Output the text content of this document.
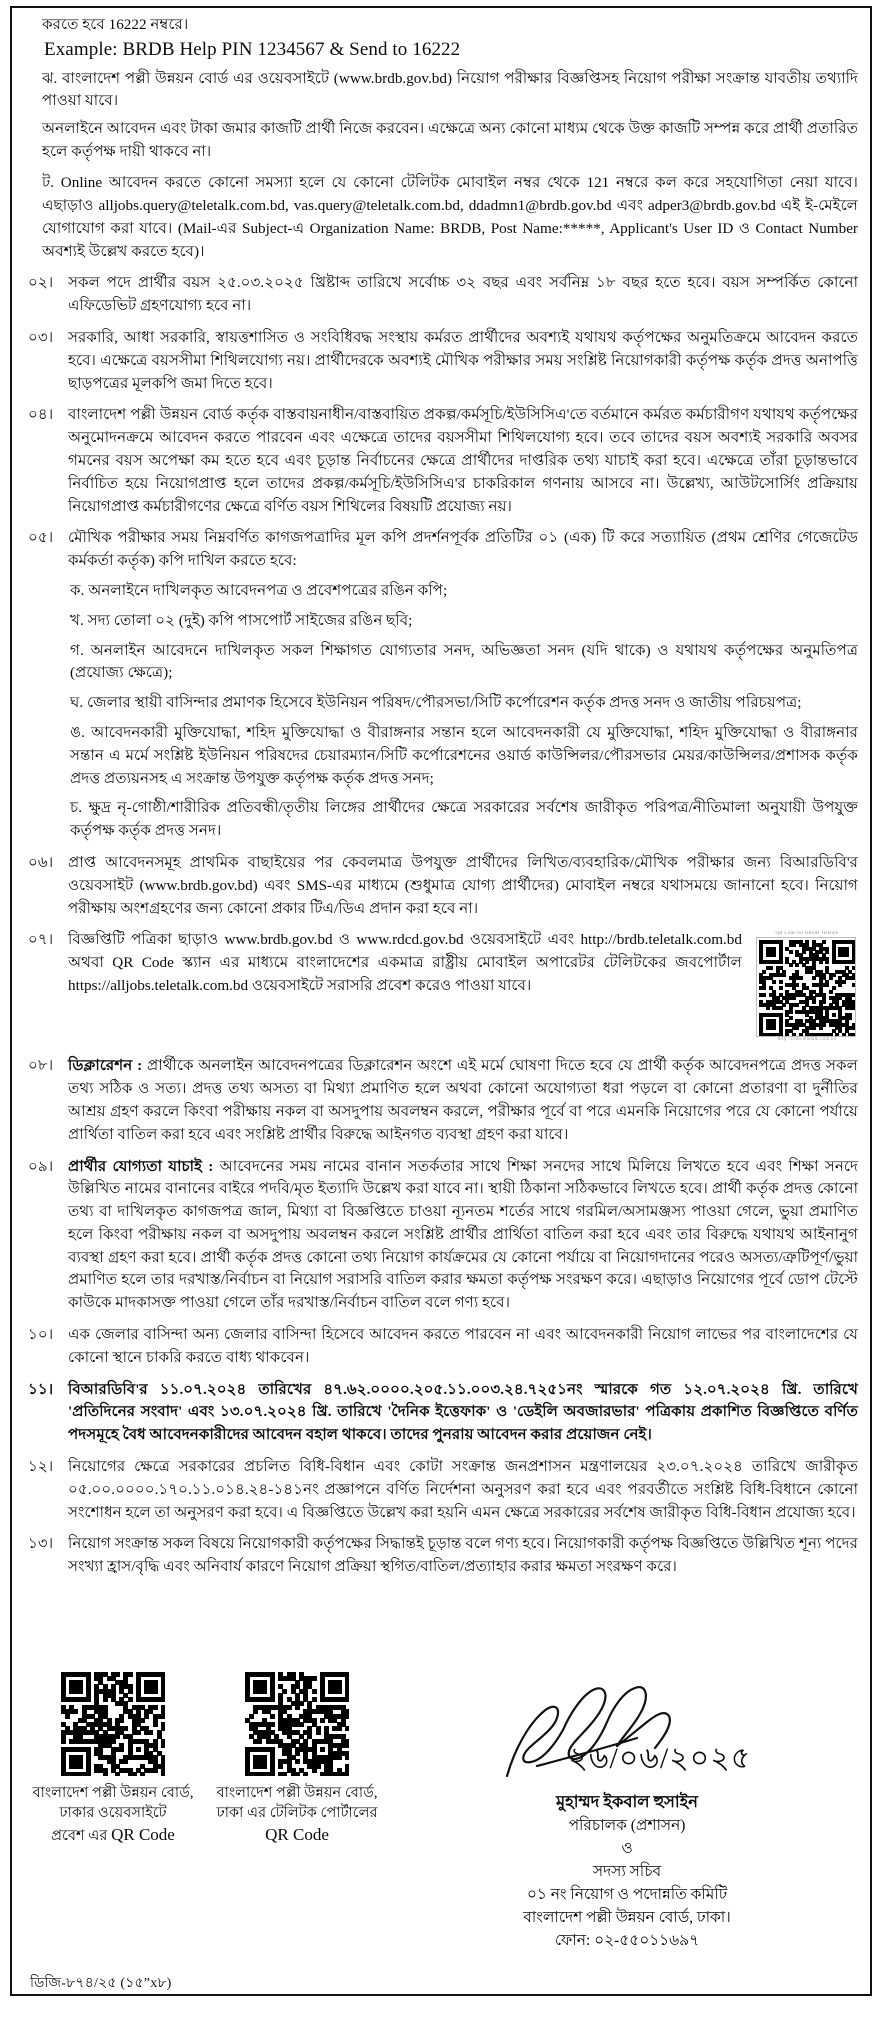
করতে হবে 16222 নম্বরে।
Example: BRDB Help PIN 1234567 & Send to 16222
ঝ. বাংলাদেশ পল্লী উন্নয়ন বোর্ড এর ওয়েবসাইটে (www.brdb.gov.bd) নিয়োগ পরীক্ষার বিজ্ঞপ্তিসহ নিয়োগ পরীক্ষা সংক্রান্ত যাবতীয় তথ্যাদি পাওয়া যাবে।
অনলাইনে আবেদন এবং টাকা জমার কাজটি প্রার্থী নিজে করবেন। এক্ষেত্রে অন্য কোনো মাধ্যম থেকে উক্ত কাজটি সম্পন্ন করে প্রার্থী প্রতারিত হলে কর্তৃপক্ষ দায়ী থাকবে না।
ট. Online আবেদন করতে কোনো সমস্যা হলে যে কোনো টেলিটক মোবাইল নম্বর থেকে 121 নম্বরে কল করে সহযোগিতা নেয়া যাবে। এছাড়াও alljobs.query@teletalk.com.bd, vas.query@teletalk.com.bd, ddadmn1@brdb.gov.bd এবং adper3@brdb.gov.bd এই ই-মেইলে যোগাযোগ করা যাবে। (Mail-এর Subject-এ Organization Name: BRDB, Post Name:*****, Applicant's User ID ও Contact Number অবশ্যই উল্লেখ করতে হবে)।
০২। সকল পদে প্রার্থীর বয়স ২৫.০৩.২০২৫ খ্রিষ্টাব্দ তারিখে সর্বোচ্চ ৩২ বছর এবং সর্বনিম্ন ১৮ বছর হতে হবে। বয়স সম্পর্কিত কোনো এফিডেভিট গ্রহণযোগ্য হবে না।
০৩। সরকারি, আধা সরকারি, স্বায়ত্তশাসিত ও সংবিধিবদ্ধ সংস্থায় কর্মরত প্রার্থীদের অবশ্যই যথাযথ কর্তৃপক্ষের অনুমতিক্রমে আবেদন করতে হবে। এক্ষেত্রে বয়সসীমা শিথিলযোগ্য নয়। প্রার্থীদেরকে অবশ্যই মৌখিক পরীক্ষার সময় সংশ্লিষ্ট নিয়োগকারী কর্তৃপক্ষ কর্তৃক প্রদত্ত অনাপত্তি ছাড়পত্রের মূলকপি জমা দিতে হবে।
০৪। বাংলাদেশ পল্লী উন্নয়ন বোর্ড কর্তৃক বাস্তবায়নাধীন/বাস্তবায়িত প্রকল্প/কর্মসূচি/ইউসিসিএ'তে বর্তমানে কর্মরত কর্মচারীগণ যথাযথ কর্তৃপক্ষের অনুমোদনক্রমে আবেদন করতে পারবেন এবং এক্ষেত্রে তাদের বয়সসীমা শিথিলযোগ্য হবে। তবে তাদের বয়স অবশ্যই সরকারি অবসর গমনের বয়স অপেক্ষা কম হতে হবে এবং চূড়ান্ত নির্বাচনের ক্ষেত্রে প্রার্থীদের দাপ্তরিক তথ্য যাচাই করা হবে। এক্ষেত্রে তাঁরা চূড়ান্তভাবে নির্বাচিত হয়ে নিয়োগপ্রাপ্ত হলে তাদের প্রকল্প/কর্মসূচি/ইউসিসিএ'র চাকরিকাল গণনায় আসবে না। উল্লেখ্য, আউটসোর্সিং প্রক্রিয়ায় নিয়োগপ্রাপ্ত কর্মচারীগণের ক্ষেত্রে বর্ণিত বয়স শিথিলের বিষয়টি প্রযোজ্য নয়।
০৫। মৌখিক পরীক্ষার সময় নিম্নবর্ণিত কাগজপত্রাদির মূল কপি প্রদর্শনপূর্বক প্রতিটির ০১ (এক) টি করে সত্যায়িত (প্রথম শ্রেণির গেজেটেড কর্মকর্তা কর্তৃক) কপি দাখিল করতে হবে:
ক. অনলাইনে দাখিলকৃত আবেদনপত্র ও প্রবেশপত্রের রঙিন কপি;
খ. সদ্য তোলা ০২ (দুই) কপি পাসপোর্ট সাইজের রঙিন ছবি;
গ. অনলাইন আবেদনে দাখিলকৃত সকল শিক্ষাগত যোগ্যতার সনদ, অভিজ্ঞতা সনদ (যদি থাকে) ও যথাযথ কর্তৃপক্ষের অনুমতিপত্র (প্রযোজ্য ক্ষেত্রে);
ঘ. জেলার স্থায়ী বাসিন্দার প্রমাণক হিসেবে ইউনিয়ন পরিষদ/পৌরসভা/সিটি কর্পোরেশন কর্তৃক প্রদত্ত সনদ ও জাতীয় পরিচয়পত্র;
ঙ. আবেদনকারী মুক্তিযোদ্ধা, শহিদ মুক্তিযোদ্ধা ও বীরাঙ্গনার সন্তান হলে আবেদনকারী যে মুক্তিযোদ্ধা, শহিদ মুক্তিযোদ্ধা ও বীরাঙ্গনার সন্তান এ মর্মে সংশ্লিষ্ট ইউনিয়ন পরিষদের চেয়ারম্যান/সিটি কর্পোরেশনের ওয়ার্ড কাউন্সিলর/পৌরসভার মেয়র/কাউন্সিলর/প্রশাসক কর্তৃক প্রদত্ত প্রত্যয়নসহ এ সংক্রান্ত উপযুক্ত কর্তৃপক্ষ কর্তৃক প্রদত্ত সনদ;
চ. ক্ষুদ্র নৃ-গোষ্ঠী/শারীরিক প্রতিবন্ধী/তৃতীয় লিঙ্গের প্রার্থীদের ক্ষেত্রে সরকারের সর্বশেষ জারীকৃত পরিপত্র/নীতিমালা অনুযায়ী উপযুক্ত কর্তৃপক্ষ কর্তৃক প্রদত্ত সনদ।
০৬। প্রাপ্ত আবেদনসমূহ প্রাথমিক বাছাইয়ের পর কেবলমাত্র উপযুক্ত প্রার্থীদের লিখিত/ব্যবহারিক/মৌখিক পরীক্ষার জন্য বিআরডিবি'র ওয়েবসাইট (www.brdb.gov.bd) এবং SMS-এর মাধ্যমে (শুধুমাত্র যোগ্য প্রার্থীদের) মোবাইল নম্বরে যথাসময়ে জানানো হবে। নিয়োগ পরীক্ষায় অংশগ্রহণের জন্য কোনো প্রকার টিএ/ডিএ প্রদান করা হবে না।
০৭।	QR Code for BRDB Teletalk
http://brdb.teletalk.com.bd
বিজ্ঞপ্তিটি পত্রিকা ছাড়াও www.brdb.gov.bd ও www.rdcd.gov.bd ওয়েবসাইটে এবং http://brdb.teletalk.com.bd অথবা QR Code স্ক্যান এর মাধ্যমে বাংলাদেশের একমাত্র রাষ্ট্রীয় মোবাইল অপারেটর টেলিটকের জবপোর্টাল https://alljobs.teletalk.com.bd ওয়েবসাইটে সরাসরি প্রবেশ করেও পাওয়া যাবে।
০৮। ডিক্লারেশন : প্রার্থীকে অনলাইন আবেদনপত্রের ডিক্লারেশন অংশে এই মর্মে ঘোষণা দিতে হবে যে প্রার্থী কর্তৃক আবেদনপত্রে প্রদত্ত সকল তথ্য সঠিক ও সত্য। প্রদত্ত তথ্য অসত্য বা মিথ্যা প্রমাণিত হলে অথবা কোনো অযোগ্যতা ধরা পড়লে বা কোনো প্রতারণা বা দুর্নীতির আশ্রয় গ্রহণ করলে কিংবা পরীক্ষায় নকল বা অসদুপায় অবলম্বন করলে, পরীক্ষার পূর্বে বা পরে এমনকি নিয়োগের পরে যে কোনো পর্যায়ে প্রার্থিতা বাতিল করা হবে এবং সংশ্লিষ্ট প্রার্থীর বিরুদ্ধে আইনগত ব্যবস্থা গ্রহণ করা যাবে।
০৯। প্রার্থীর যোগ্যতা যাচাই : আবেদনের সময় নামের বানান সতর্কতার সাথে শিক্ষা সনদের সাথে মিলিয়ে লিখতে হবে এবং শিক্ষা সনদে উল্লিখিত নামের বানানের বাইরে পদবি/মৃত ইত্যাদি উল্লেখ করা যাবে না। স্থায়ী ঠিকানা সঠিকভাবে লিখতে হবে। প্রার্থী কর্তৃক প্রদত্ত কোনো তথ্য বা দাখিলকৃত কাগজপত্র জাল, মিথ্যা বা বিজ্ঞপ্তিতে চাওয়া ন্যূনতম শর্তের সাথে গরমিল/অসামঞ্জস্য পাওয়া গেলে, ভুয়া প্রমাণিত হলে কিংবা পরীক্ষায় নকল বা অসদুপায় অবলম্বন করলে সংশ্লিষ্ট প্রার্থীর প্রার্থিতা বাতিল করা হবে এবং তার বিরুদ্ধে যথাযথ আইনানুগ ব্যবস্থা গ্রহণ করা হবে। প্রার্থী কর্তৃক প্রদত্ত কোনো তথ্য নিয়োগ কার্যক্রমের যে কোনো পর্যায়ে বা নিয়োগদানের পরেও অসত্য/ত্রুটিপূর্ণ/ভুয়া প্রমাণিত হলে তার দরখাস্ত/নির্বাচন বা নিয়োগ সরাসরি বাতিল করার ক্ষমতা কর্তৃপক্ষ সংরক্ষণ করে। এছাড়াও নিয়োগের পূর্বে ডোপ টেস্টে কাউকে মাদকাসক্ত পাওয়া গেলে তাঁর দরখাস্ত/নির্বাচন বাতিল বলে গণ্য হবে।
১০। এক জেলার বাসিন্দা অন্য জেলার বাসিন্দা হিসেবে আবেদন করতে পারবেন না এবং আবেদনকারী নিয়োগ লাভের পর বাংলাদেশের যে কোনো স্থানে চাকরি করতে বাধ্য থাকবেন।
১১। বিআরডিবি'র ১১.০৭.২০২৪ তারিখের ৪৭.৬২.০০০০.২০৫.১১.০০৩.২৪.৭২৫১নং স্মারকে গত ১২.০৭.২০২৪ খ্রি. তারিখে 'প্রতিদিনের সংবাদ' এবং ১৩.০৭.২০২৪ খ্রি. তারিখে 'দৈনিক ইত্তেফাক' ও 'ডেইলি অবজারভার' পত্রিকায় প্রকাশিত বিজ্ঞপ্তিতে বর্ণিত পদসমূহে বৈধ আবেদনকারীদের আবেদন বহাল থাকবে। তাদের পুনরায় আবেদন করার প্রয়োজন নেই।
১২। নিয়োগের ক্ষেত্রে সরকারের প্রচলিত বিধি-বিধান এবং কোটা সংক্রান্ত জনপ্রশাসন মন্ত্রণালয়ের ২৩.০৭.২০২৪ তারিখে জারীকৃত ০৫.০০.০০০০.১৭০.১১.০১৪.২৪-১৪১নং প্রজ্ঞাপনে বর্ণিত নির্দেশনা অনুসরণ করা হবে এবং পরবর্তীতে সংশ্লিষ্ট বিধি-বিধানে কোনো সংশোধন হলে তা অনুসরণ করা হবে। এ বিজ্ঞপ্তিতে উল্লেখ করা হয়নি এমন ক্ষেত্রে সরকারের সর্বশেষ জারীকৃত বিধি-বিধান প্রযোজ্য হবে।
১৩। নিয়োগ সংক্রান্ত সকল বিষয়ে নিয়োগকারী কর্তৃপক্ষের সিদ্ধান্তই চূড়ান্ত বলে গণ্য হবে। নিয়োগকারী কর্তৃপক্ষ বিজ্ঞপ্তিতে উল্লিখিত শূন্য পদের সংখ্যা হ্রাস/বৃদ্ধি এবং অনিবার্য কারণে নিয়োগ প্রক্রিয়া স্থগিত/বাতিল/প্রত্যাহার করার ক্ষমতা সংরক্ষণ করে।
বাংলাদেশ পল্লী উন্নয়ন বোর্ড,
ঢাকার ওয়েবসাইটে
প্রবেশ এর QR Code
বাংলাদেশ পল্লী উন্নয়ন বোর্ড,
ঢাকা এর টেলিটক পোর্টালের
QR Code
২৬/০৬/২০২৫
মুহাম্মদ ইকবাল হুসাইন
পরিচালক (প্রশাসন)
ও
সদস্য সচিব
০১ নং নিয়োগ ও পদোন্নতি কমিটি
বাংলাদেশ পল্লী উন্নয়ন বোর্ড, ঢাকা।
ফোন: ০২-৫৫০১১৬৯৭
ডিজি-৮৭৪/২৫ (১৫”x৮)
